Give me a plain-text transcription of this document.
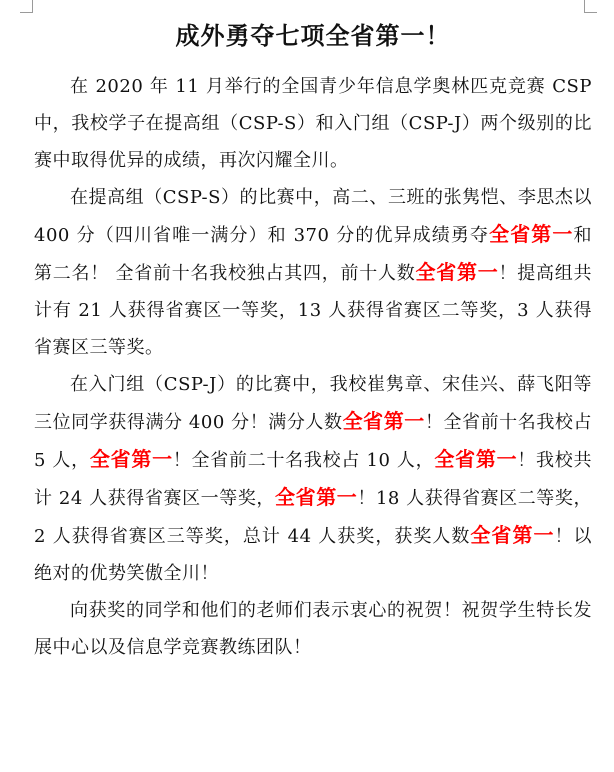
成外勇夺七项全省第一！

在 2020 年 11 月举行的全国青少年信息学奥林匹克竞赛 CSP 中，我校学子在提高组（CSP-S）和入门组（CSP-J）两个级别的比赛中取得优异的成绩，再次闪耀全川。

在提高组（CSP-S）的比赛中，高二、三班的张隽恺、李思杰以 400 分（四川省唯一满分）和 370 分的优异成绩勇夺全省第一和第二名！ 全省前十名我校独占其四，前十人数全省第一！提高组共计有 21 人获得省赛区一等奖，13 人获得省赛区二等奖，3 人获得省赛区三等奖。

在入门组（CSP-J）的比赛中，我校崔隽章、宋佳兴、薛飞阳等三位同学获得满分 400 分！满分人数全省第一！全省前十名我校占 5 人，全省第一！全省前二十名我校占 10 人，全省第一！我校共计 24 人获得省赛区一等奖，全省第一！18 人获得省赛区二等奖，2 人获得省赛区三等奖，总计 44 人获奖，获奖人数全省第一！以绝对的优势笑傲全川！

向获奖的同学和他们的老师们表示衷心的祝贺！祝贺学生特长发展中心以及信息学竞赛教练团队！
